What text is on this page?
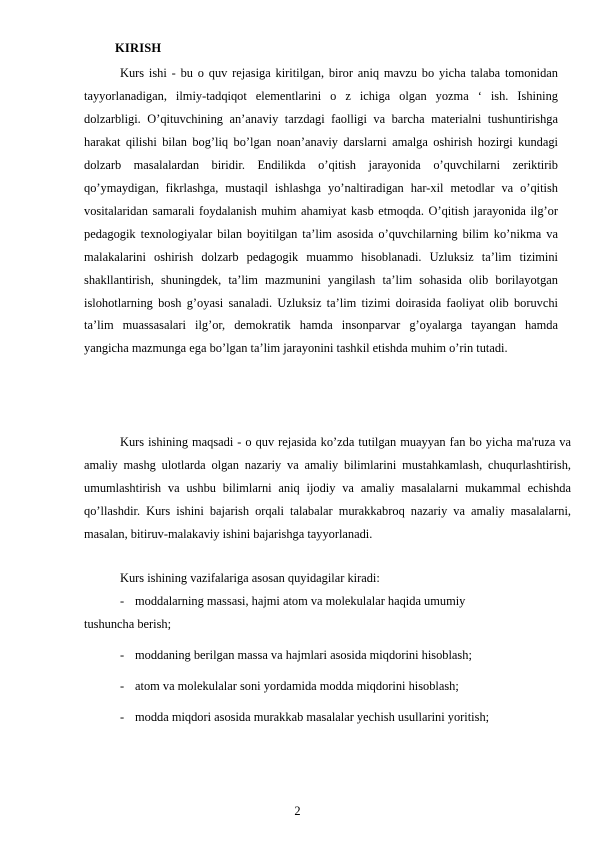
KIRISH

Kurs ishi - bu o quv rejasiga kiritilgan, biror aniq mavzu bo yicha talaba tomonidan tayyorlanadigan, ilmiy-tadqiqot elementlarini o z ichiga olgan yozma ‘ ish. Ishining dolzarbligi. O’qituvchining an’anaviy tarzdagi faolligi va barcha materialni tushuntirishga harakat qilishi bilan bog’liq bo’lgan noan’anaviy darslarni amalga oshirish hozirgi kundagi dolzarb masalalardan biridir. Endilikda o’qitish jarayonida o’quvchilarni zeriktirib qo’ymaydigan, fikrlashga, mustaqil ishlashga yo’naltiradigan har-xil metodlar va o’qitish vositalaridan samarali foydalanish muhim ahamiyat kasb etmoqda. O’qitish jarayonida ilg’or pedagogik texnologiyalar bilan boyitilgan ta’lim asosida o’quvchilarning bilim ko’nikma va malakalarini oshirish dolzarb pedagogik muammo hisoblanadi. Uzluksiz ta’lim tizimini shakllantirish, shuningdek, ta’lim mazmunini yangilash ta’lim sohasida olib borilayotgan islohotlarning bosh g’oyasi sanaladi. Uzluksiz ta’lim tizimi doirasida faoliyat olib boruvchi ta’lim muassasalari ilg’or, demokratik hamda insonparvar g’oyalarga tayangan hamda yangicha mazmunga ega bo’lgan ta’lim jarayonini tashkil etishda muhim o’rin tutadi.

Kurs ishining maqsadi - o quv rejasida ko’zda tutilgan muayyan fan bo yicha ma'ruza va amaliy mashg ulotlarda olgan nazariy va amaliy bilimlarini mustahkamlash, chuqurlashtirish, umumlashtirish va ushbu bilimlarni aniq ijodiy va amaliy masalalarni mukammal echishda qo’llashdir. Kurs ishini bajarish orqali talabalar murakkabroq nazariy va amaliy masalalarni, masalan, bitiruv-malakaviy ishini bajarishga tayyorlanadi.

Kurs ishining vazifalariga asosan quyidagilar kiradi:

- moddalarning massasi, hajmi atom va molekulalar haqida umumiy
tushuncha berish;
- moddaning berilgan massa va hajmlari asosida miqdorini hisoblash;
- atom va molekulalar soni yordamida modda miqdorini hisoblash;
- modda miqdori asosida murakkab masalalar yechish usullarini yoritish;
2
